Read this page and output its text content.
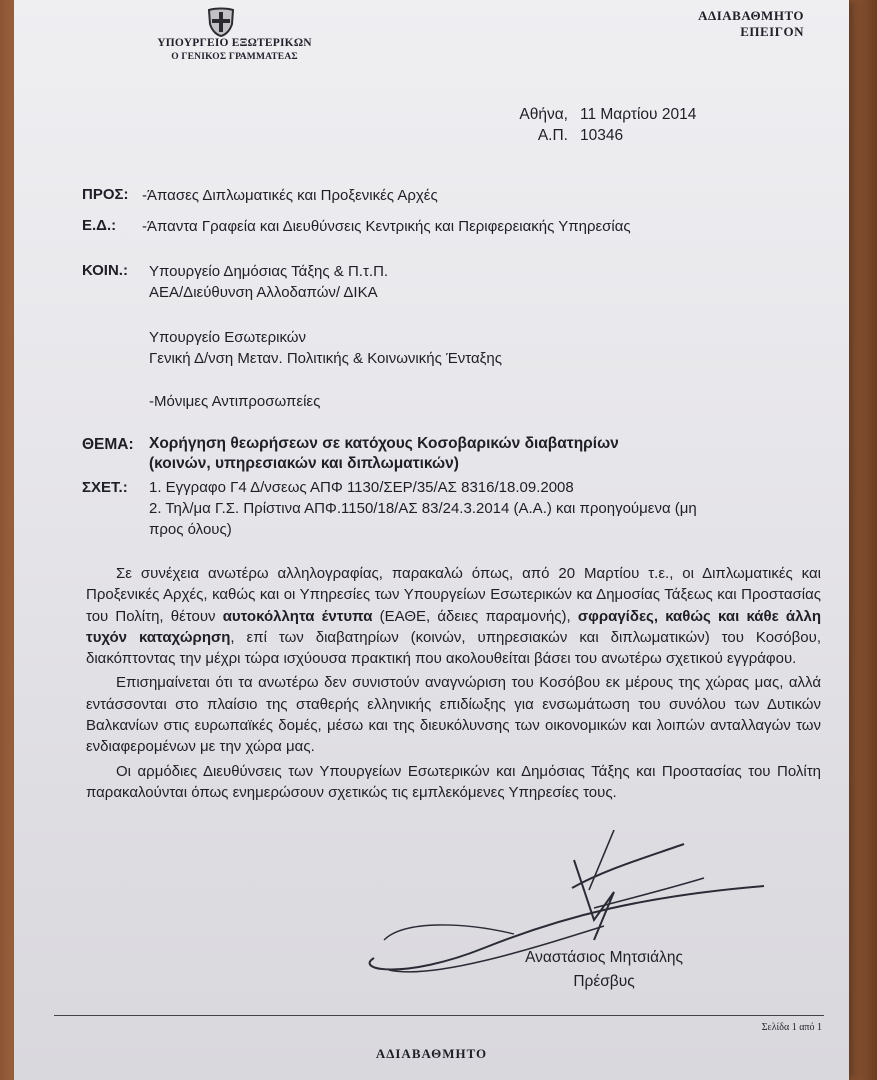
ΥΠΟΥΡΓΕΙΟ ΕΞΩΤΕΡΙΚΩΝ
Ο ΓΕΝΙΚΟΣ ΓΡΑΜΜΑΤΕΑΣ
ΑΔΙΑΒΑΘΜΗΤΟ
ΕΠΕΙΓΟΝ
Αθήνα, 11 Μαρτίου 2014
Α.Π. 10346
ΠΡΟΣ: -Άπασες Διπλωματικές και Προξενικές Αρχές
Ε.Δ.: -Άπαντα Γραφεία και Διευθύνσεις Κεντρικής και Περιφερειακής Υπηρεσίας
ΚΟΙΝ.: Υπουργείο Δημόσιας Τάξης & Π.τ.Π.
ΑΕΑ/Διεύθυνση Αλλοδαπών/ ΔΙΚΑ
Υπουργείο Εσωτερικών
Γενική Δ/νση Μεταν. Πολιτικής & Κοινωνικής Ένταξης
-Μόνιμες Αντιπροσωπείες
ΘΕΜΑ: Χορήγηση θεωρήσεων σε κατόχους Κοσοβαρικών διαβατηρίων
(κοινών, υπηρεσιακών και διπλωματικών)
ΣΧΕΤ.: 1. Εγγραφο Γ4 Δ/νσεως ΑΠΦ 1130/ΣΕΡ/35/ΑΣ 8316/18.09.2008
2. Τηλ/μα Γ.Σ. Πρίστινα ΑΠΦ.1150/18/ΑΣ 83/24.3.2014 (Α.Α.) και προηγούμενα (μη
προς όλους)

Σε συνέχεια ανωτέρω αλληλογραφίας, παρακαλώ όπως, από 20 Μαρτίου τ.ε., οι Διπλωματικές και Προξενικές Αρχές, καθώς και οι Υπηρεσίες των Υπουργείων Εσωτερικών κα Δημοσίας Τάξεως και Προστασίας του Πολίτη, θέτουν αυτοκόλλητα έντυπα (ΕΑΘΕ, άδειες παραμονής), σφραγίδες, καθώς και κάθε άλλη τυχόν καταχώρηση, επί των διαβατηρίων (κοινών, υπηρεσιακών και διπλωματικών) του Κοσόβου, διακόπτοντας την μέχρι τώρα ισχύουσα πρακτική που ακολουθείται βάσει του ανωτέρω σχετικού εγγράφου.

Επισημαίνεται ότι τα ανωτέρω δεν συνιστούν αναγνώριση του Κοσόβου εκ μέρους της χώρας μας, αλλά εντάσσονται στο πλαίσιο της σταθερής ελληνικής επιδίωξης για ενσωμάτωση του συνόλου των Δυτικών Βαλκανίων στις ευρωπαϊκές δομές, μέσω και της διευκόλυνσης των οικονομικών και λοιπών ανταλλαγών των ενδιαφερομένων με την χώρα μας.

Οι αρμόδιες Διευθύνσεις των Υπουργείων Εσωτερικών και Δημόσιας Τάξης και Προστασίας του Πολίτη παρακαλούνται όπως ενημερώσουν σχετικώς τις εμπλεκόμενες Υπηρεσίες τους.

Αναστάσιος Μητσιάλης
Πρέσβυς
Σελίδα 1 από 1
ΑΔΙΑΒΑΘΜΗΤΟ
